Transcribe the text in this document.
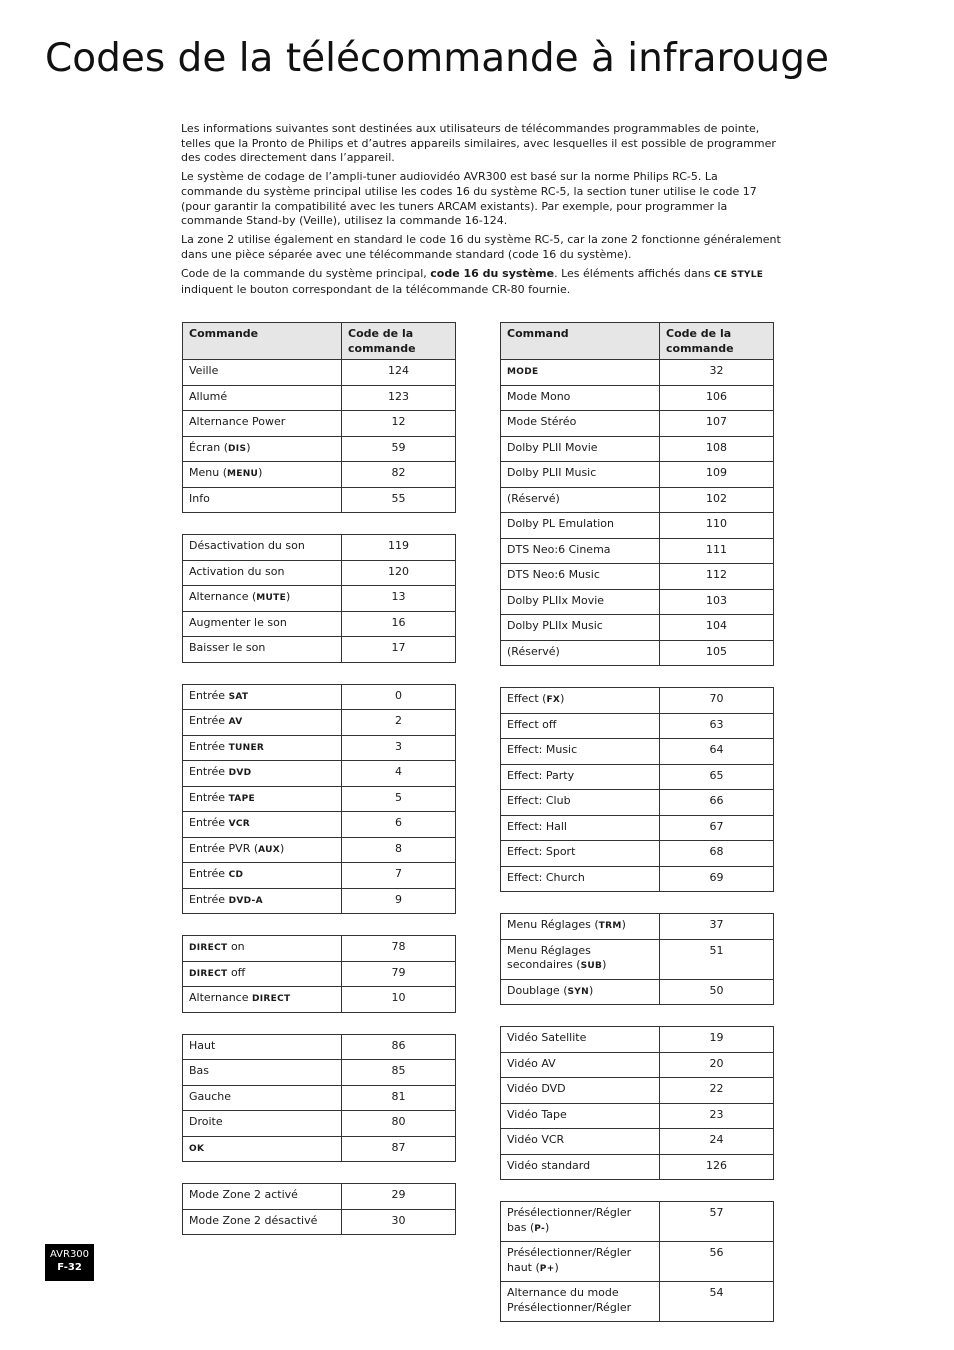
Codes de la télécommande à infrarouge

Les informations suivantes sont destinées aux utilisateurs de télécommandes programmables de pointe, telles que la Pronto de Philips et d’autres appareils similaires, avec lesquelles il est possible de programmer des codes directement dans l’appareil.

Le système de codage de l’ampli-tuner audiovidéo AVR300 est basé sur la norme Philips RC-5. La commande du système principal utilise les codes 16 du système RC-5, la section tuner utilise le code 17 (pour garantir la compatibilité avec les tuners ARCAM existants). Par exemple, pour programmer la commande Stand-by (Veille), utilisez la commande 16-124.

La zone 2 utilise également en standard le code 16 du système RC-5, car la zone 2 fonctionne généralement dans une pièce séparée avec une télécommande standard (code 16 du système).

Code de la commande du système principal, code 16 du système. Les éléments affichés dans CE STYLE indiquent le bouton correspondant de la télécommande CR-80 fournie.

Commande	Code de la commande
Veille	124
Allumé	123
Alternance Power	12
Écran (DIS)	59
Menu (MENU)	82
Info	55
Désactivation du son	119
Activation du son	120
Alternance (MUTE)	13
Augmenter le son	16
Baisser le son	17
Entrée SAT	0
Entrée AV	2
Entrée TUNER	3
Entrée DVD	4
Entrée TAPE	5
Entrée VCR	6
Entrée PVR (AUX)	8
Entrée CD	7
Entrée DVD-A	9
DIRECT on	78
DIRECT off	79
Alternance DIRECT	10
Haut	86
Bas	85
Gauche	81
Droite	80
OK	87
Mode Zone 2 activé	29
Mode Zone 2 désactivé	30
Command	Code de la commande
MODE	32
Mode Mono	106
Mode Stéréo	107
Dolby PLII Movie	108
Dolby PLII Music	109
(Réservé)	102
Dolby PL Emulation	110
DTS Neo:6 Cinema	111
DTS Neo:6 Music	112
Dolby PLIIx Movie	103
Dolby PLIIx Music	104
(Réservé)	105
Effect (FX)	70
Effect off	63
Effect: Music	64
Effect: Party	65
Effect: Club	66
Effect: Hall	67
Effect: Sport	68
Effect: Church	69
Menu Réglages (TRM)	37
Menu Réglages secondaires (SUB)	51
Doublage (SYN)	50
Vidéo Satellite	19
Vidéo AV	20
Vidéo DVD	22
Vidéo Tape	23
Vidéo VCR	24
Vidéo standard	126
Présélectionner/Régler bas (P-)	57
Présélectionner/Régler haut (P+)	56
Alternance du mode Présélectionner/Régler	54
AVR300
F-32
